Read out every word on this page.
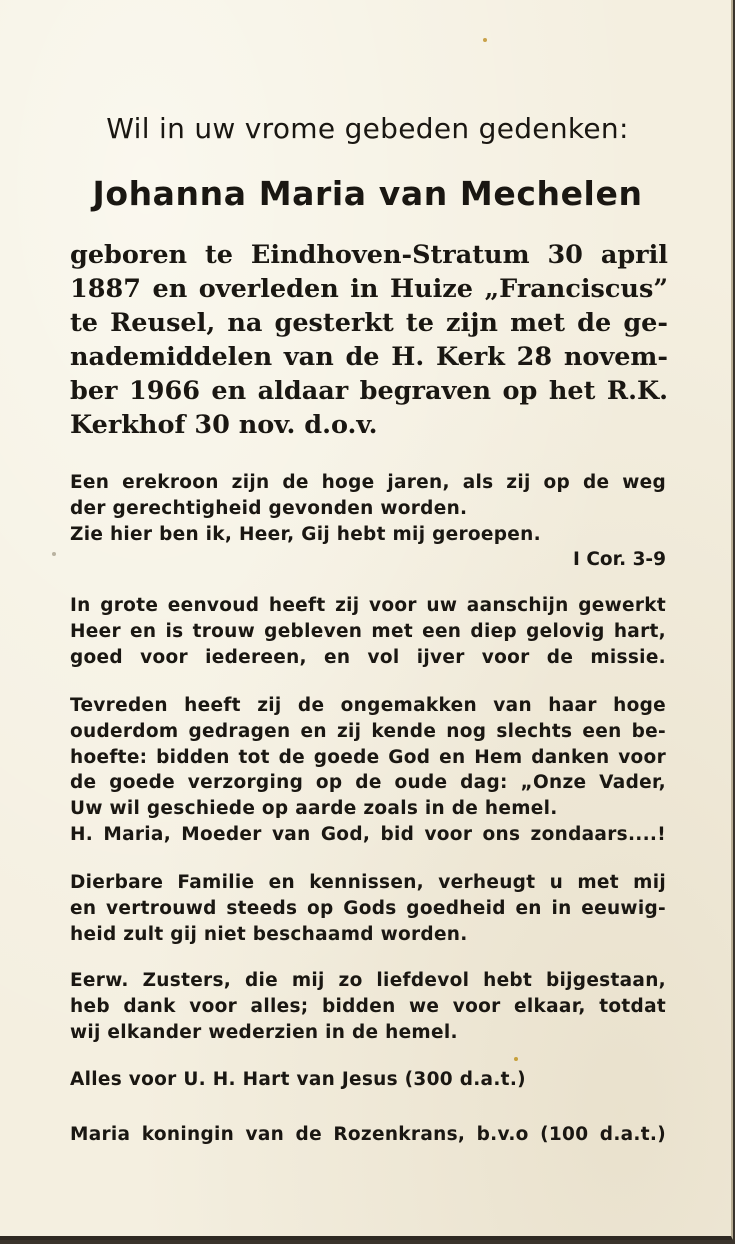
Wil in uw vrome gebeden gedenken:
Johanna Maria van Mechelen
geboren te Eindhoven-Stratum 30 april
1887 en overleden in Huize „Franciscus”
te Reusel, na gesterkt te zijn met de ge-
nademiddelen van de H. Kerk 28 novem-
ber 1966 en aldaar begraven op het R.K.
Kerkhof 30 nov. d.o.v.
Een erekroon zijn de hoge jaren, als zij op de weg
der gerechtigheid gevonden worden.
Zie hier ben ik, Heer, Gij hebt mij geroepen.
I Cor. 3-9
In grote eenvoud heeft zij voor uw aanschijn gewerkt
Heer en is trouw gebleven met een diep gelovig hart,
goed voor iedereen, en vol ijver voor de missie.
Tevreden heeft zij de ongemakken van haar hoge
ouderdom gedragen en zij kende nog slechts een be-
hoefte: bidden tot de goede God en Hem danken voor
de goede verzorging op de oude dag: „Onze Vader,
Uw wil geschiede op aarde zoals in de hemel.
H. Maria, Moeder van God, bid voor ons zondaars....!
Dierbare Familie en kennissen, verheugt u met mij
en vertrouwd steeds op Gods goedheid en in eeuwig-
heid zult gij niet beschaamd worden.
Eerw. Zusters, die mij zo liefdevol hebt bijgestaan,
heb dank voor alles; bidden we voor elkaar, totdat
wij elkander wederzien in de hemel.
Alles voor U. H. Hart van Jesus (300 d.a.t.)
Maria koningin van de Rozenkrans, b.v.o (100 d.a.t.)
